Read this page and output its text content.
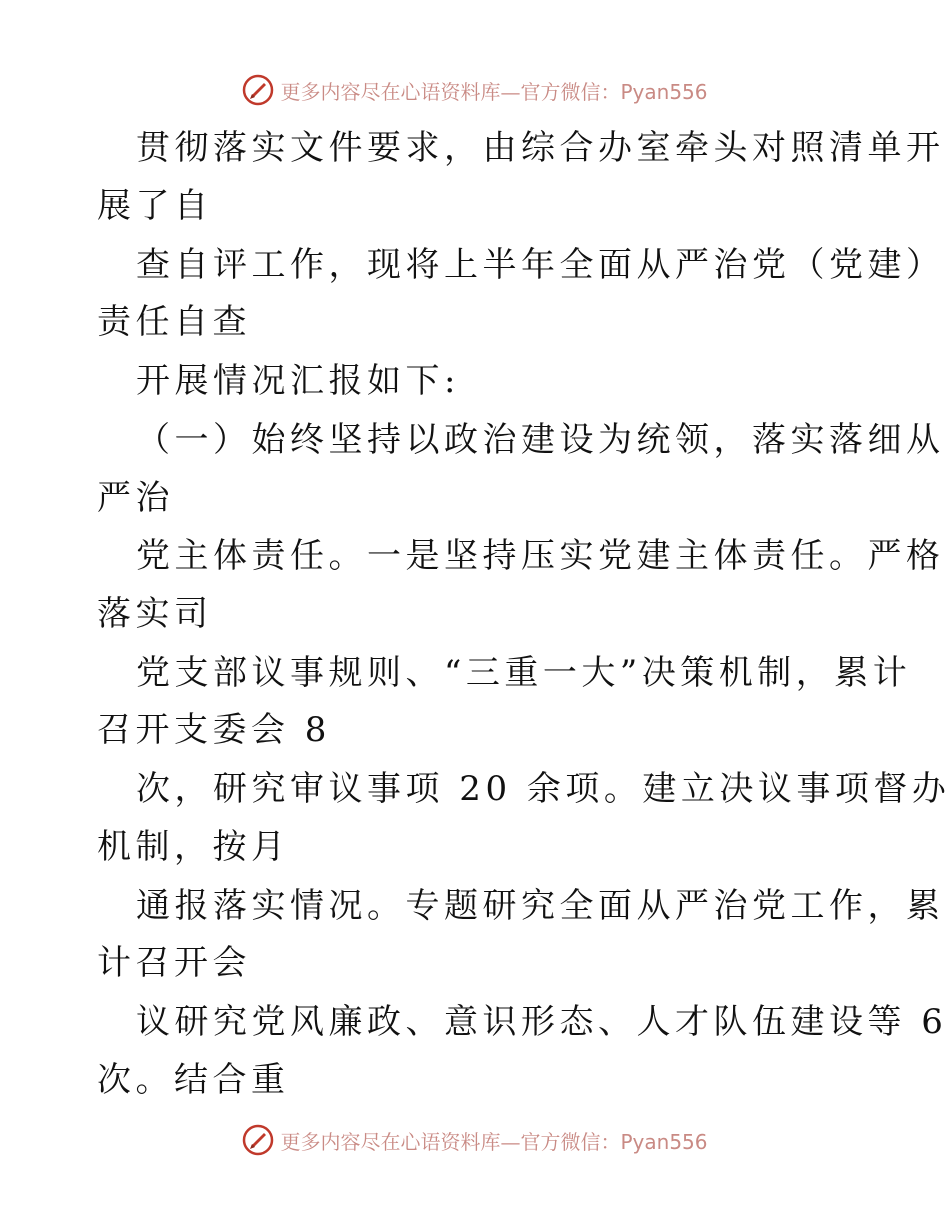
更多内容尽在心语资料库—官方微信：Pyan556
贯彻落实文件要求，由综合办室牵头对照清单开
展了自
查自评工作，现将上半年全面从严治党（党建）
责任自查
开展情况汇报如下:
（一）始终坚持以政治建设为统领，落实落细从
严治
党主体责任。一是坚持压实党建主体责任。严格
落实司
党支部议事规则、“三重一大”决策机制，累计
召开支委会 8
次，研究审议事项 20 余项。建立决议事项督办
机制，按月
通报落实情况。专题研究全面从严治党工作，累
计召开会
议研究党风廉政、意识形态、人才队伍建设等 6
次。结合重
更多内容尽在心语资料库—官方微信：Pyan556
